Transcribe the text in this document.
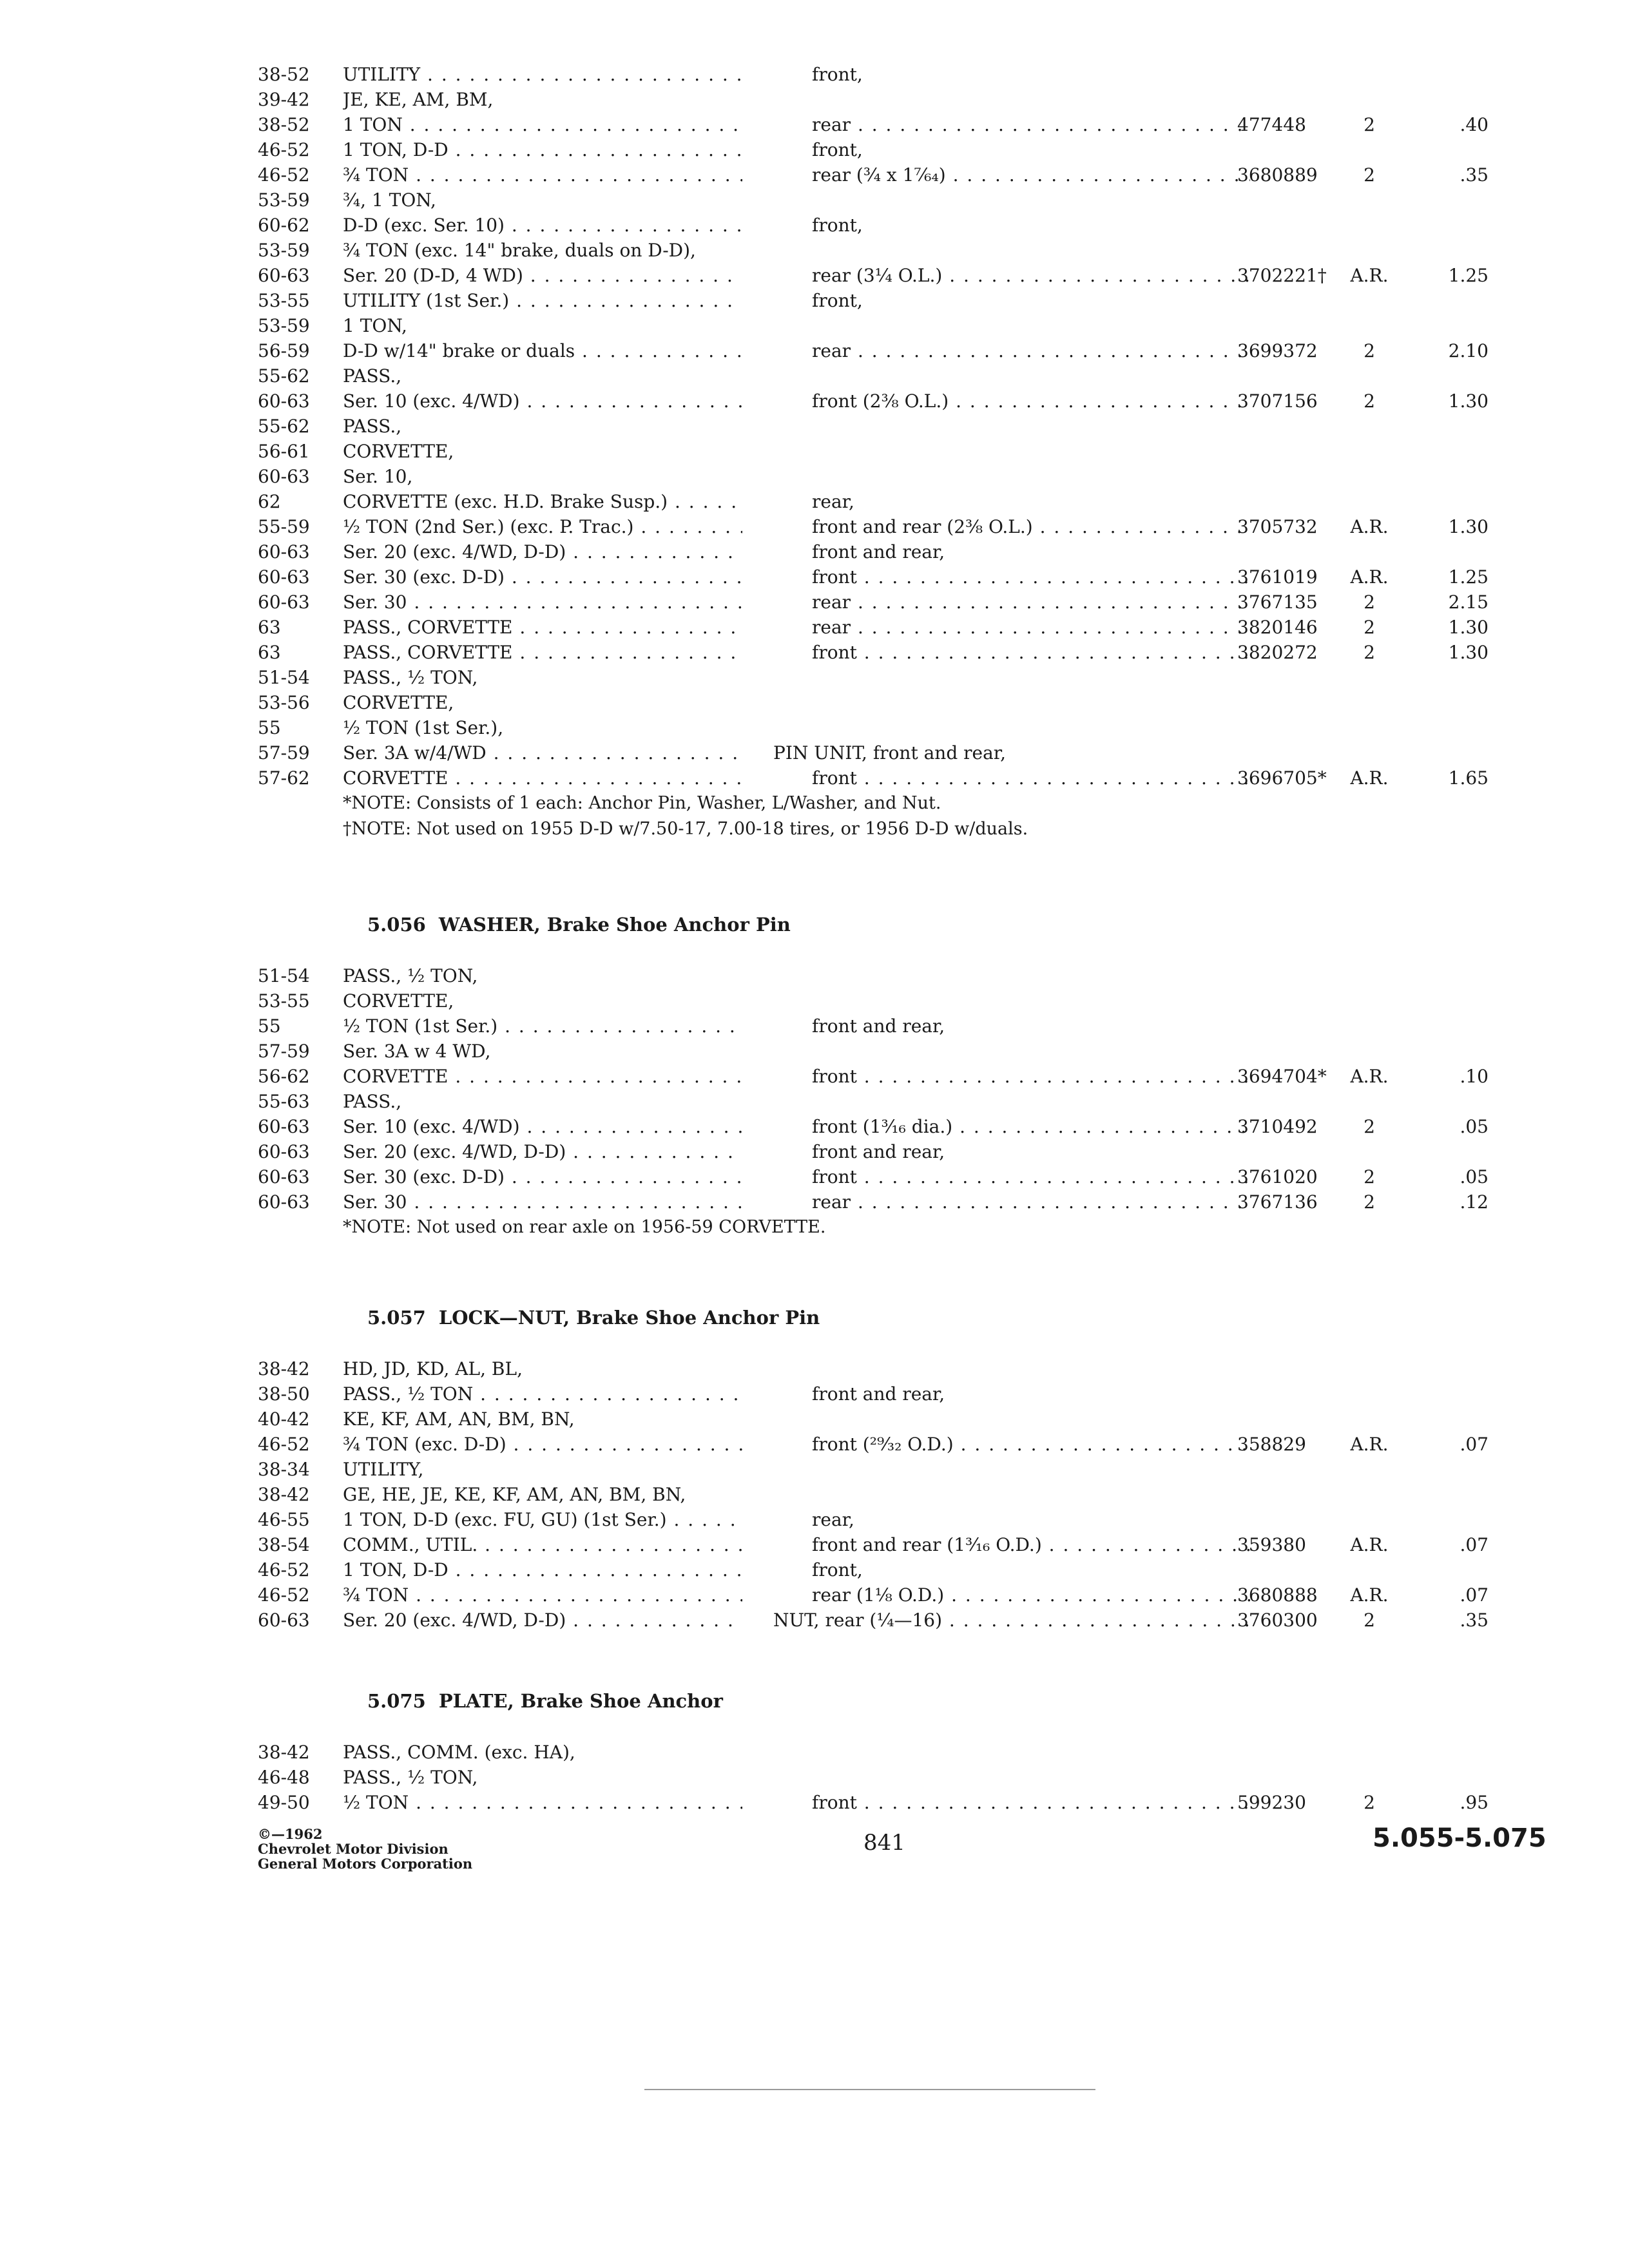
38-52	UTILITY . . .	front,
39-42	JE, KE, AM, BM,
38-52	1 TON . . .	rear . . .	477448	2	.40
46-52	1 TON, D-D . . .	front,
46-52	¾ TON . . .	rear (¾ x 1⁷⁄₆₄) . . .	3680889	2	.35
53-59	¾, 1 TON,
60-62	D-D (exc. Ser. 10) . . .	front,
53-59	¾ TON (exc. 14" brake, duals on D-D),
60-63	Ser. 20 (D-D, 4 WD) . . .	rear (3¼ O.L.) . . .	3702221†	A.R.	1.25
53-55	UTILITY (1st Ser.) . . .	front,
53-59	1 TON,
56-59	D-D w/14" brake or duals . . .	rear . . .	3699372	2	2.10
55-62	PASS.,
60-63	Ser. 10 (exc. 4/WD) . . .	front (2⅜ O.L.) . . .	3707156	2	1.30
55-62	PASS.,
56-61	CORVETTE,
60-63	Ser. 10,
62	CORVETTE (exc. H.D. Brake Susp.) . . .	rear,
55-59	½ TON (2nd Ser.) (exc. P. Trac.) . . .	front and rear (2⅜ O.L.) . . .	3705732	A.R.	1.30
60-63	Ser. 20 (exc. 4/WD, D-D) . . .	front and rear,
60-63	Ser. 30 (exc. D-D) . . .	front . . .	3761019	A.R.	1.25
60-63	Ser. 30 . . .	rear . . .	3767135	2	2.15
63	PASS., CORVETTE . . .	rear . . .	3820146	2	1.30
63	PASS., CORVETTE . . .	front . . .	3820272	2	1.30
51-54	PASS., ½ TON,
53-56	CORVETTE,
55	½ TON (1st Ser.),
57-59	Ser. 3A w/4/WD . . .	PIN UNIT, front and rear,
57-62	CORVETTE . . .	front . . .	3696705*	A.R.	1.65
*NOTE: Consists of 1 each: Anchor Pin, Washer, L/Washer, and Nut.
†NOTE: Not used on 1955 D-D w/7.50-17, 7.00-18 tires, or 1956 D-D w/duals.
5.056 WASHER, Brake Shoe Anchor Pin
51-54	PASS., ½ TON,
53-55	CORVETTE,
55	½ TON (1st Ser.) . . .	front and rear,
57-59	Ser. 3A w 4 WD,
56-62	CORVETTE . . .	front . . .	3694704*	A.R.	.10
55-63	PASS.,
60-63	Ser. 10 (exc. 4/WD) . . .	front (1³⁄₁₆ dia.) . . .	3710492	2	.05
60-63	Ser. 20 (exc. 4/WD, D-D) . . .	front and rear,
60-63	Ser. 30 (exc. D-D) . . .	front . . .	3761020	2	.05
60-63	Ser. 30 . . .	rear . . .	3767136	2	.12
*NOTE: Not used on rear axle on 1956-59 CORVETTE.
5.057 LOCK—NUT, Brake Shoe Anchor Pin
38-42	HD, JD, KD, AL, BL,
38-50	PASS., ½ TON . . .	front and rear,
40-42	KE, KF, AM, AN, BM, BN,
46-52	¾ TON (exc. D-D) . . .	front (²⁹⁄₃₂ O.D.) . . .	358829	A.R.	.07
38-34	UTILITY,
38-42	GE, HE, JE, KE, KF, AM, AN, BM, BN,
46-55	1 TON, D-D (exc. FU, GU) (1st Ser.) . . .	rear,
38-54	COMM., UTIL. . . .	front and rear (1³⁄₁₆ O.D.) . . .	359380	A.R.	.07
46-52	1 TON, D-D . . .	front,
46-52	¾ TON . . .	rear (1⅛ O.D.) . . .	3680888	A.R.	.07
60-63	Ser. 20 (exc. 4/WD, D-D) . . .	NUT, rear (¼—16) . . .	3760300	2	.35
5.075 PLATE, Brake Shoe Anchor
38-42	PASS., COMM. (exc. HA),
46-48	PASS., ½ TON,
49-50	½ TON . . .	front . . .	599230	2	.95
©—1962
Chevrolet Motor Division
General Motors Corporation
841	5.055-5.075
